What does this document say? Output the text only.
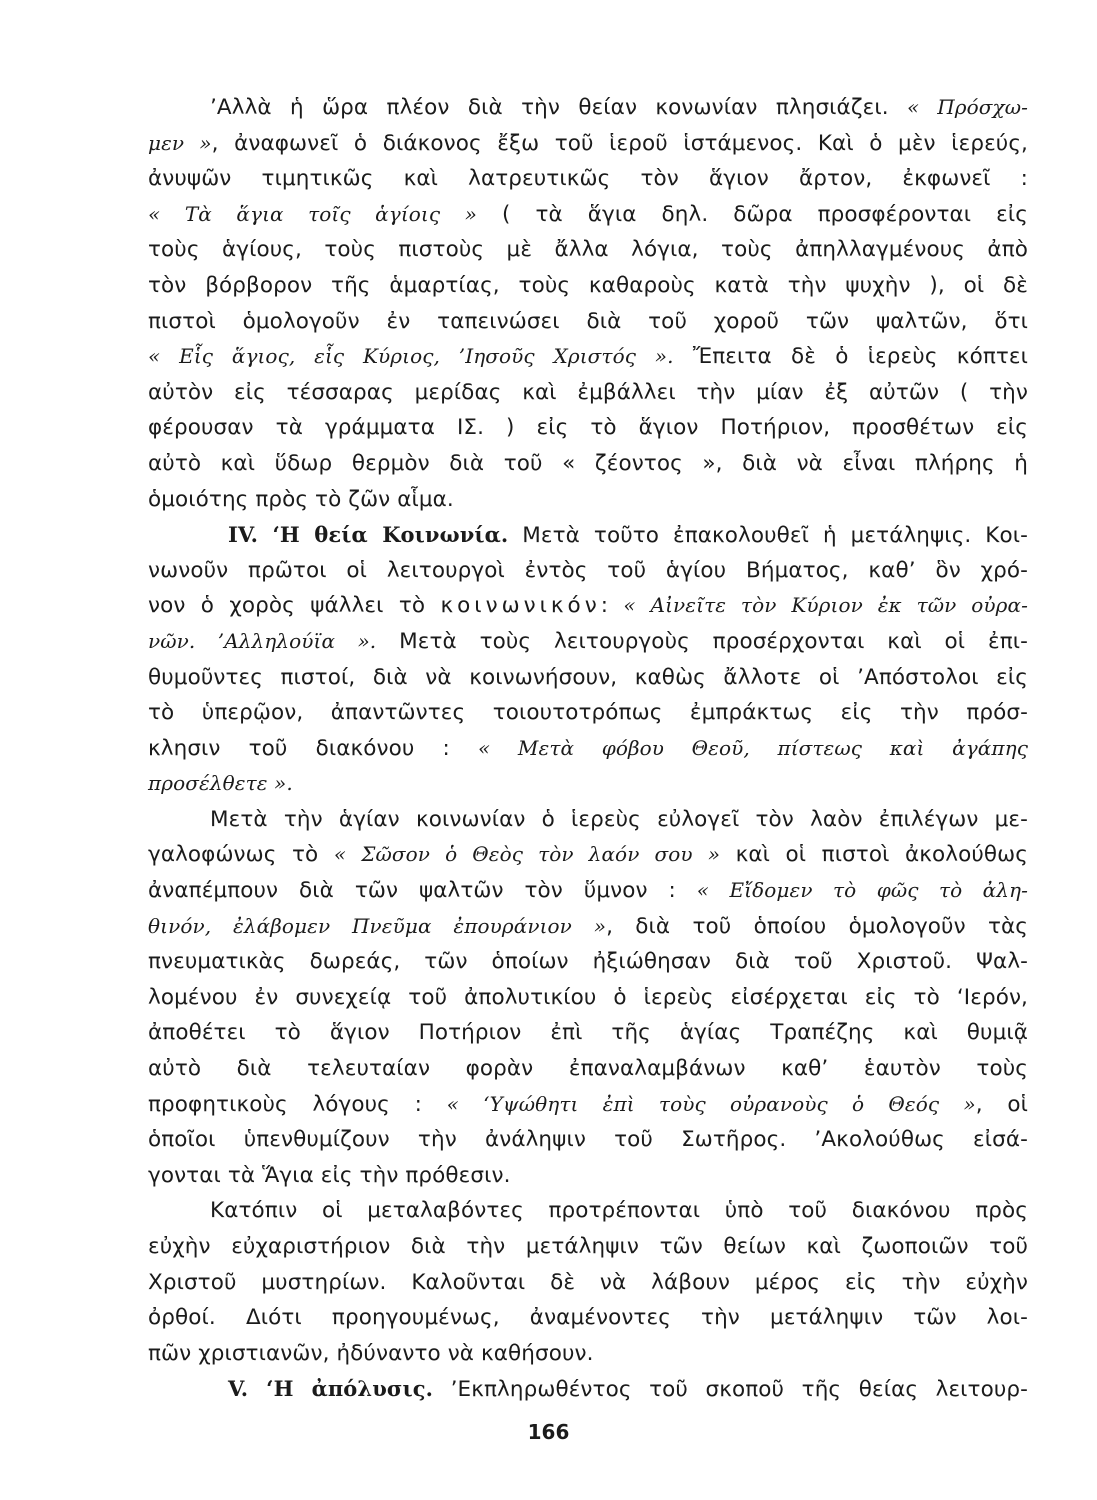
’Αλλὰ ἡ ὥρα πλέον διὰ τὴν θείαν κονωνίαν πλησιάζει. « Πρόσχω-
μεν », ἀναφωνεῖ ὁ διάκονος ἔξω τοῦ ἱεροῦ ἱστάμενος. Καὶ ὁ μὲν ἱερεύς,
ἀνυψῶν τιμητικῶς καὶ λατρευτικῶς τὸν ἅγιον ἄρτον, ἐκφωνεῖ :
« Τὰ ἅγια τοῖς ἁγίοις » ( τὰ ἅγια δηλ. δῶρα προσφέρονται εἰς
τοὺς ἁγίους, τοὺς πιστοὺς μὲ ἄλλα λόγια, τοὺς ἀπηλλαγμένους ἀπὸ
τὸν βόρβορον τῆς ἁμαρτίας, τοὺς καθαροὺς κατὰ τὴν ψυχὴν ), οἱ δὲ
πιστοὶ ὁμολογοῦν ἐν ταπεινώσει διὰ τοῦ χοροῦ τῶν ψαλτῶν, ὅτι
« Εἷς ἅγιος, εἷς Κύριος, ’Ιησοῦς Χριστός ». Ἔπειτα δὲ ὁ ἱερεὺς κόπτει
αὐτὸν εἰς τέσσαρας μερίδας καὶ ἐμβάλλει τὴν μίαν ἐξ αὐτῶν ( τὴν
φέρουσαν τὰ γράμματα ΙΣ. ) εἰς τὸ ἅγιον Ποτήριον, προσθέτων εἰς
αὐτὸ καὶ ὕδωρ θερμὸν διὰ τοῦ « ζέοντος », διὰ νὰ εἶναι πλήρης ἡ
ὁμοιότης πρὸς τὸ ζῶν αἷμα.
IV. ‘Η θεία Κοινωνία. Μετὰ τοῦτο ἐπακολουθεῖ ἡ μετάληψις. Κοι-
νωνοῦν πρῶτοι οἱ λειτουργοὶ ἐντὸς τοῦ ἁγίου Βήματος, καθ’ ὃν χρό-
νον ὁ χορὸς ψάλλει τὸ κοινωνικόν: « Αἰνεῖτε τὸν Κύριον ἐκ τῶν οὐρα-
νῶν. ’Αλληλούϊα ». Μετὰ τοὺς λειτουργοὺς προσέρχονται καὶ οἱ ἐπι-
θυμοῦντες πιστοί, διὰ νὰ κοινωνήσουν, καθὼς ἄλλοτε οἱ ’Απόστολοι εἰς
τὸ ὑπερῷον, ἀπαντῶντες τοιουτοτρόπως ἐμπράκτως εἰς τὴν πρόσ-
κλησιν τοῦ διακόνου : « Μετὰ φόβου Θεοῦ, πίστεως καὶ ἀγάπης
προσέλθετε ».
Μετὰ τὴν ἁγίαν κοινωνίαν ὁ ἱερεὺς εὐλογεῖ τὸν λαὸν ἐπιλέγων με-
γαλοφώνως τὸ « Σῶσον ὁ Θεὸς τὸν λαόν σου » καὶ οἱ πιστοὶ ἀκολούθως
ἀναπέμπουν διὰ τῶν ψαλτῶν τὸν ὕμνον : « Εἴδομεν τὸ φῶς τὸ ἀλη-
θινόν, ἐλάβομεν Πνεῦμα ἐπουράνιον », διὰ τοῦ ὁποίου ὁμολογοῦν τὰς
πνευματικὰς δωρεάς, τῶν ὁποίων ἠξιώθησαν διὰ τοῦ Χριστοῦ. Ψαλ-
λομένου ἐν συνεχείᾳ τοῦ ἀπολυτικίου ὁ ἱερεὺς εἰσέρχεται εἰς τὸ ‘Ιερόν,
ἀποθέτει τὸ ἅγιον Ποτήριον ἐπὶ τῆς ἁγίας Τραπέζης καὶ θυμιᾷ
αὐτὸ διὰ τελευταίαν φορὰν ἐπαναλαμβάνων καθ’ ἑαυτὸν τοὺς
προφητικοὺς λόγους : « ‘Υψώθητι ἐπὶ τοὺς οὐρανοὺς ὁ Θεός », οἱ
ὁποῖοι ὑπενθυμίζουν τὴν ἀνάληψιν τοῦ Σωτῆρος. ’Ακολούθως εἰσά-
γονται τὰ Ἅγια εἰς τὴν πρόθεσιν.
Κατόπιν οἱ μεταλαβόντες προτρέπονται ὑπὸ τοῦ διακόνου πρὸς
εὐχὴν εὐχαριστήριον διὰ τὴν μετάληψιν τῶν θείων καὶ ζωοποιῶν τοῦ
Χριστοῦ μυστηρίων. Καλοῦνται δὲ νὰ λάβουν μέρος εἰς τὴν εὐχὴν
ὀρθοί. Διότι προηγουμένως, ἀναμένοντες τὴν μετάληψιν τῶν λοι-
πῶν χριστιανῶν, ἠδύναντο νὰ καθήσουν.
V. ‘Η ἀπόλυσις. ’Εκπληρωθέντος τοῦ σκοποῦ τῆς θείας λειτουρ-
166
